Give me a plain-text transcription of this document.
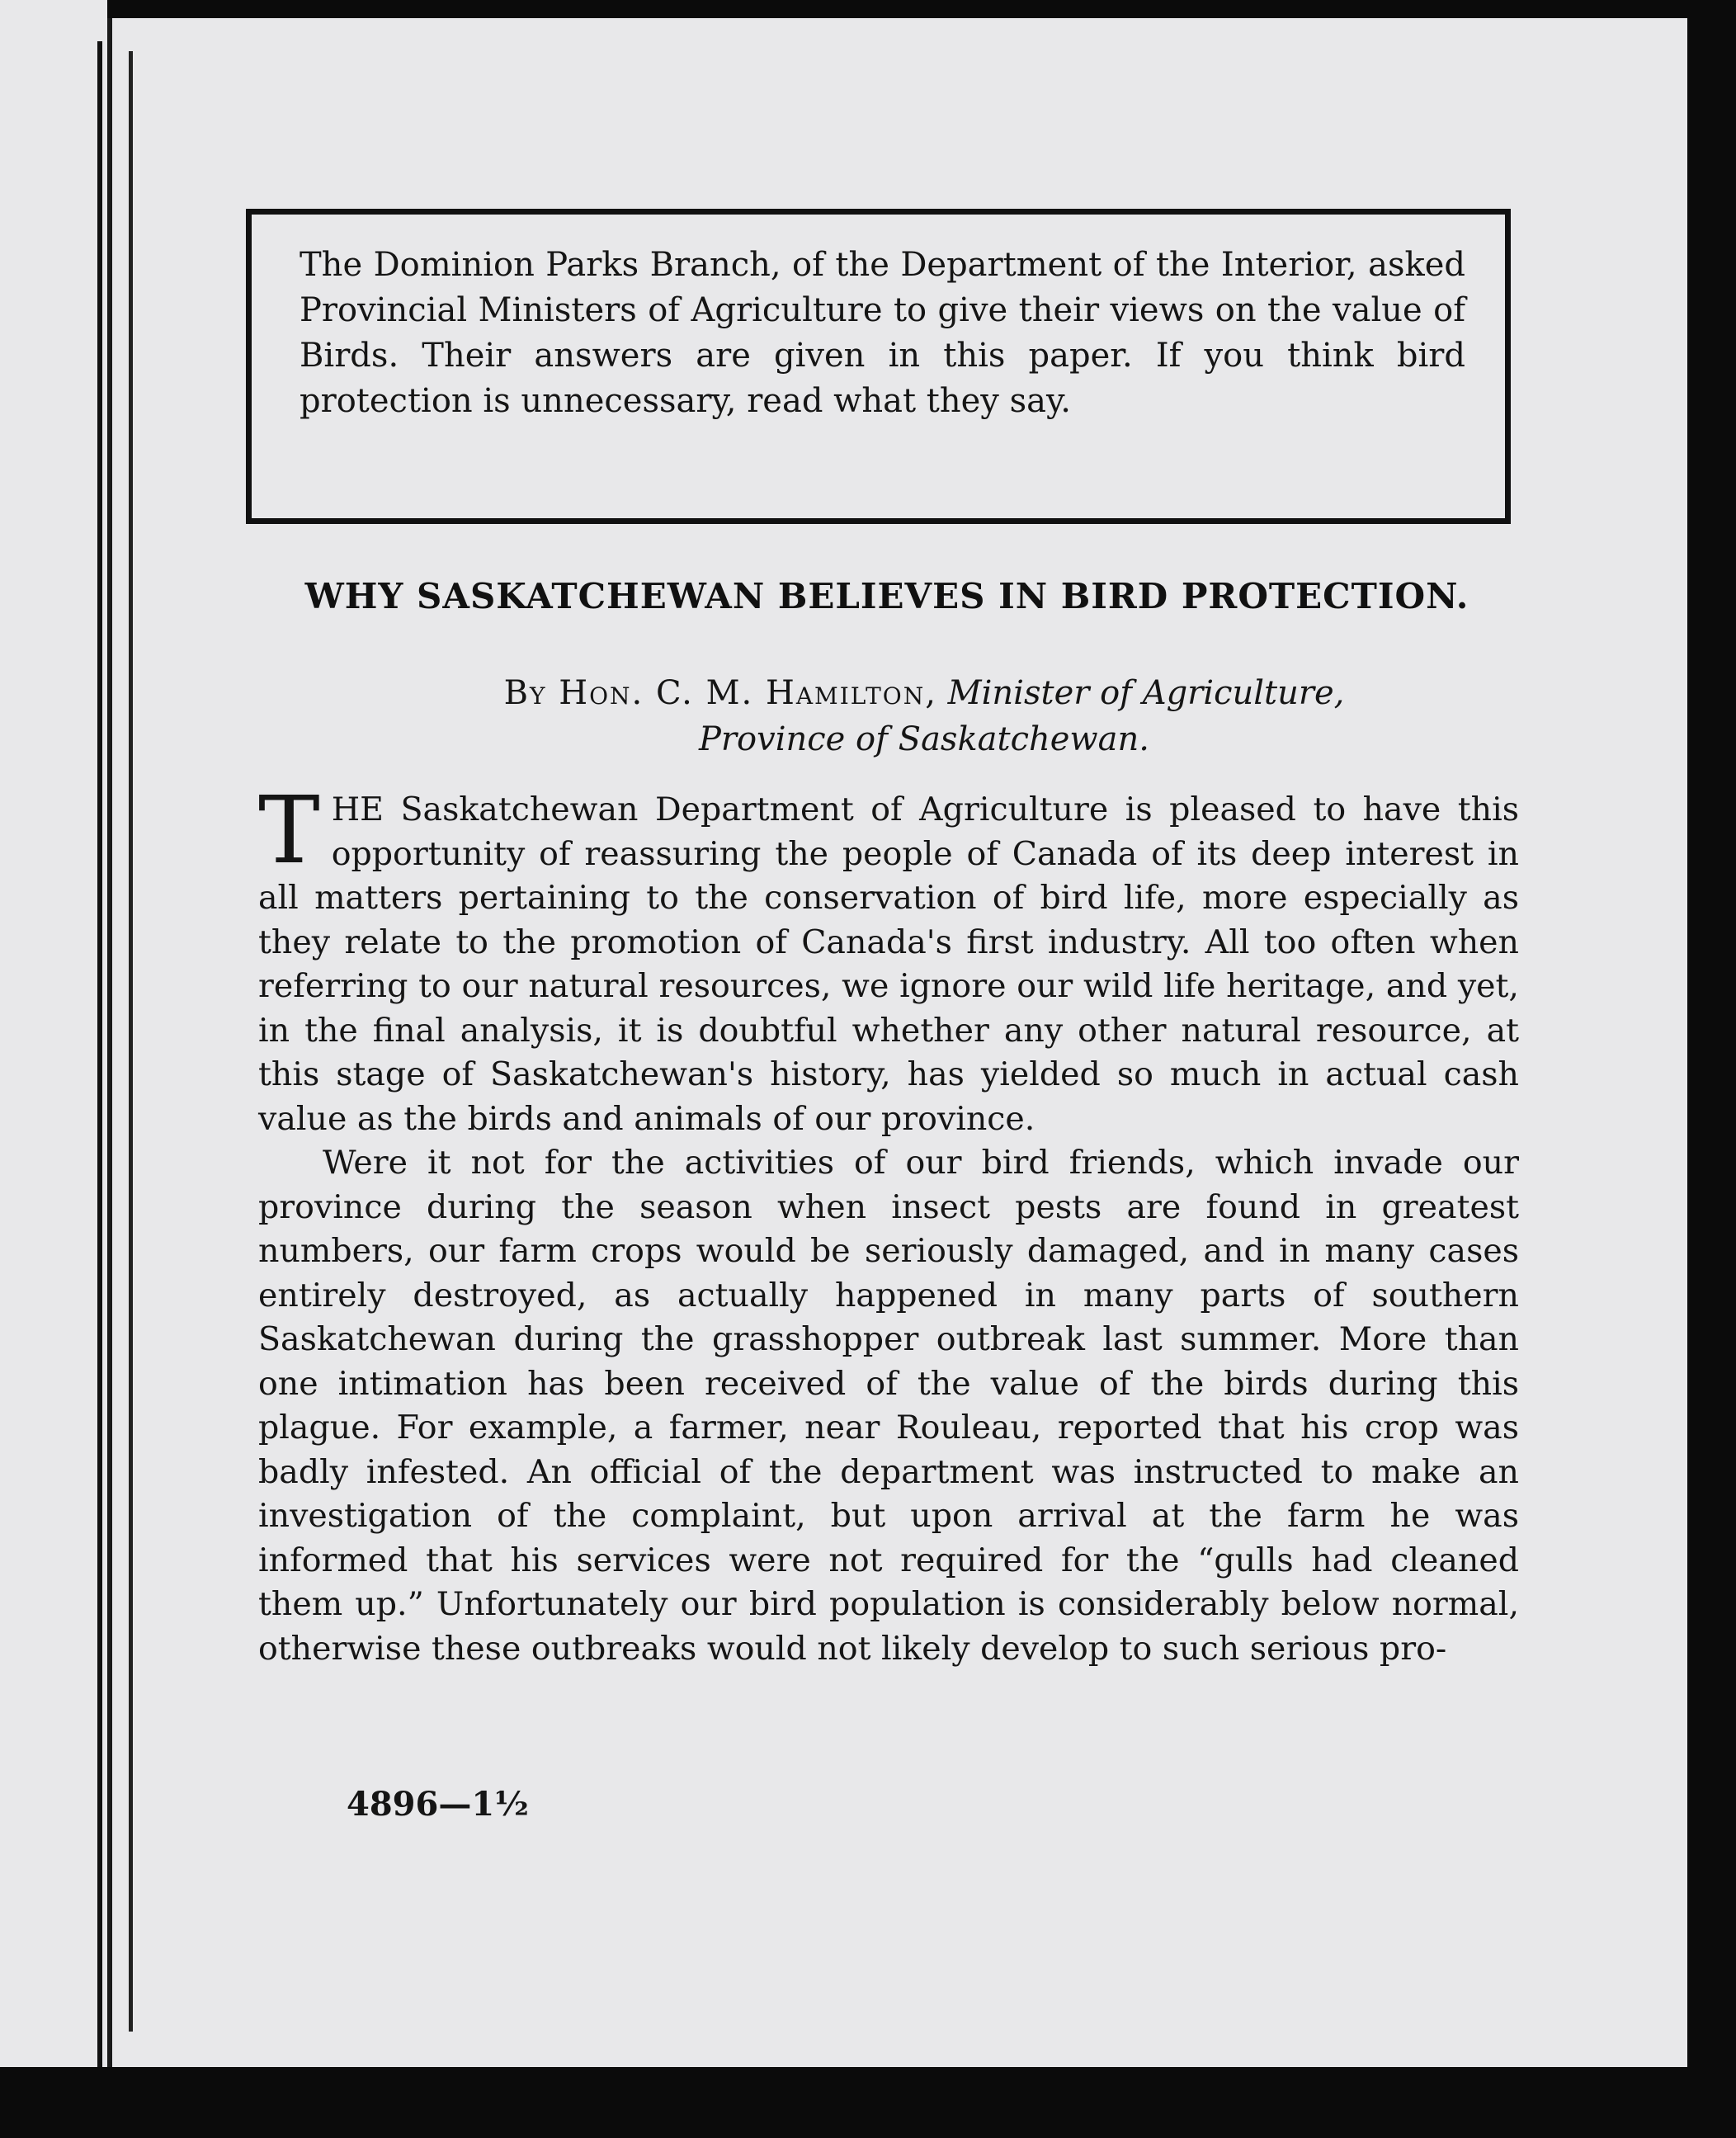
The Dominion Parks Branch, of the Department of the Interior, asked Provincial Ministers of Agriculture to give their views on the value of Birds. Their answers are given in this paper. If you think bird protection is unnecessary, read what they say.

WHY SASKATCHEWAN BELIEVES IN BIRD PROTECTION.
By Hon. C. M. Hamilton, Minister of Agriculture,
Province of Saskatchewan.

THE Saskatchewan Department of Agriculture is pleased to have this opportunity of reassuring the people of Canada of its deep interest in all matters pertaining to the conservation of bird life, more especially as they relate to the promotion of Canada's first industry. All too often when referring to our natural resources, we ignore our wild life heritage, and yet, in the final analysis, it is doubtful whether any other natural resource, at this stage of Saskatchewan's history, has yielded so much in actual cash value as the birds and animals of our province.

Were it not for the activities of our bird friends, which invade our province during the season when insect pests are found in greatest numbers, our farm crops would be seriously damaged, and in many cases entirely destroyed, as actually happened in many parts of southern Saskatchewan during the grasshopper outbreak last summer. More than one intimation has been received of the value of the birds during this plague. For example, a farmer, near Rouleau, reported that his crop was badly infested. An official of the department was instructed to make an investigation of the complaint, but upon arrival at the farm he was informed that his services were not required for the “gulls had cleaned them up.” Unfortunately our bird population is considerably below normal, otherwise these outbreaks would not likely develop to such serious pro-

4896—1½
